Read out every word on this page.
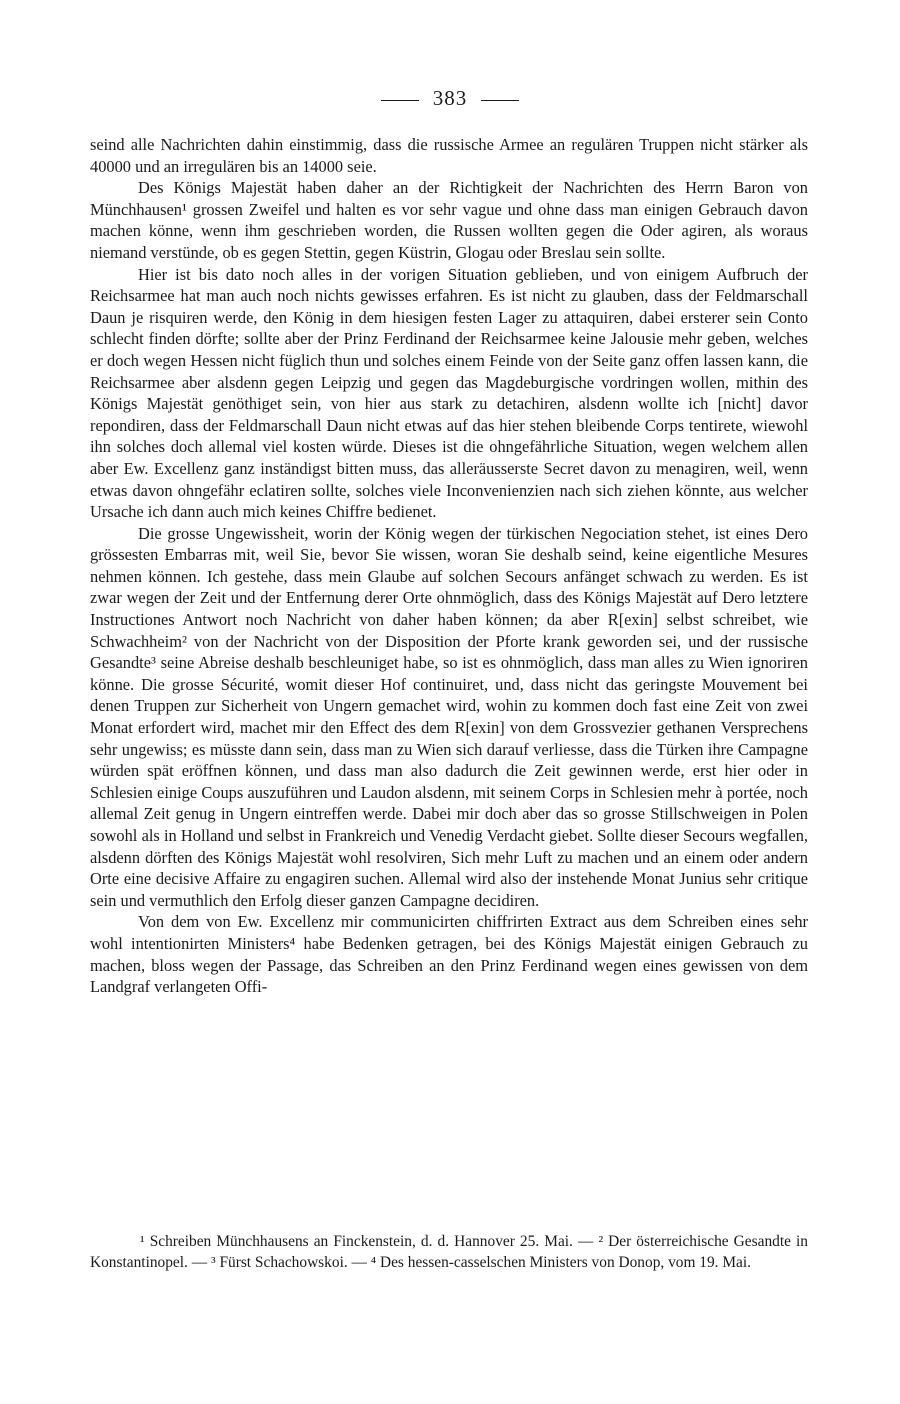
383

seind alle Nachrichten dahin einstimmig, dass die russische Armee an regulären Truppen nicht stärker als 40000 und an irregulären bis an 14000 seie.

Des Königs Majestät haben daher an der Richtigkeit der Nachrichten des Herrn Baron von Münchhausen¹ grossen Zweifel und halten es vor sehr vague und ohne dass man einigen Gebrauch davon machen könne, wenn ihm geschrieben worden, die Russen wollten gegen die Oder agiren, als woraus niemand verstünde, ob es gegen Stettin, gegen Küstrin, Glogau oder Breslau sein sollte.

Hier ist bis dato noch alles in der vorigen Situation geblieben, und von einigem Aufbruch der Reichsarmee hat man auch noch nichts gewisses erfahren. Es ist nicht zu glauben, dass der Feldmarschall Daun je risquiren werde, den König in dem hiesigen festen Lager zu attaquiren, dabei ersterer sein Conto schlecht finden dörfte; sollte aber der Prinz Ferdinand der Reichsarmee keine Jalousie mehr geben, welches er doch wegen Hessen nicht füglich thun und solches einem Feinde von der Seite ganz offen lassen kann, die Reichsarmee aber alsdenn gegen Leipzig und gegen das Magdeburgische vordringen wollen, mithin des Königs Majestät genöthiget sein, von hier aus stark zu detachiren, alsdenn wollte ich [nicht] davor repondiren, dass der Feldmarschall Daun nicht etwas auf das hier stehen bleibende Corps tentirete, wiewohl ihn solches doch allemal viel kosten würde. Dieses ist die ohngefährliche Situation, wegen welchem allen aber Ew. Excellenz ganz inständigst bitten muss, das alleräusserste Secret davon zu menagiren, weil, wenn etwas davon ohngefähr eclatiren sollte, solches viele Inconvenienzien nach sich ziehen könnte, aus welcher Ursache ich dann auch mich keines Chiffre bedienet.

Die grosse Ungewissheit, worin der König wegen der türkischen Negociation stehet, ist eines Dero grössesten Embarras mit, weil Sie, bevor Sie wissen, woran Sie deshalb seind, keine eigentliche Mesures nehmen können. Ich gestehe, dass mein Glaube auf solchen Secours anfänget schwach zu werden. Es ist zwar wegen der Zeit und der Entfernung derer Orte ohnmöglich, dass des Königs Majestät auf Dero letztere Instructiones Antwort noch Nachricht von daher haben können; da aber R[exin] selbst schreibet, wie Schwachheim² von der Nachricht von der Disposition der Pforte krank geworden sei, und der russische Gesandte³ seine Abreise deshalb beschleuniget habe, so ist es ohnmöglich, dass man alles zu Wien ignoriren könne. Die grosse Sécurité, womit dieser Hof continuiret, und, dass nicht das geringste Mouvement bei denen Truppen zur Sicherheit von Ungern gemachet wird, wohin zu kommen doch fast eine Zeit von zwei Monat erfordert wird, machet mir den Effect des dem R[exin] von dem Grossvezier gethanen Versprechens sehr ungewiss; es müsste dann sein, dass man zu Wien sich darauf verliesse, dass die Türken ihre Campagne würden spät eröffnen können, und dass man also dadurch die Zeit gewinnen werde, erst hier oder in Schlesien einige Coups auszuführen und Laudon alsdenn, mit seinem Corps in Schlesien mehr à portée, noch allemal Zeit genug in Ungern eintreffen werde. Dabei mir doch aber das so grosse Stillschweigen in Polen sowohl als in Holland und selbst in Frankreich und Venedig Verdacht giebet. Sollte dieser Secours wegfallen, alsdenn dörften des Königs Majestät wohl resolviren, Sich mehr Luft zu machen und an einem oder andern Orte eine decisive Affaire zu engagiren suchen. Allemal wird also der instehende Monat Junius sehr critique sein und vermuthlich den Erfolg dieser ganzen Campagne decidiren.

Von dem von Ew. Excellenz mir communicirten chiffrirten Extract aus dem Schreiben eines sehr wohl intentionirten Ministers⁴ habe Bedenken getragen, bei des Königs Majestät einigen Gebrauch zu machen, bloss wegen der Passage, das Schreiben an den Prinz Ferdinand wegen eines gewissen von dem Landgraf verlangeten Offi-

¹ Schreiben Münchhausens an Finckenstein, d. d. Hannover 25. Mai. — ² Der österreichische Gesandte in Konstantinopel. — ³ Fürst Schachowskoi. — ⁴ Des hessen-casselschen Ministers von Donop, vom 19. Mai.
